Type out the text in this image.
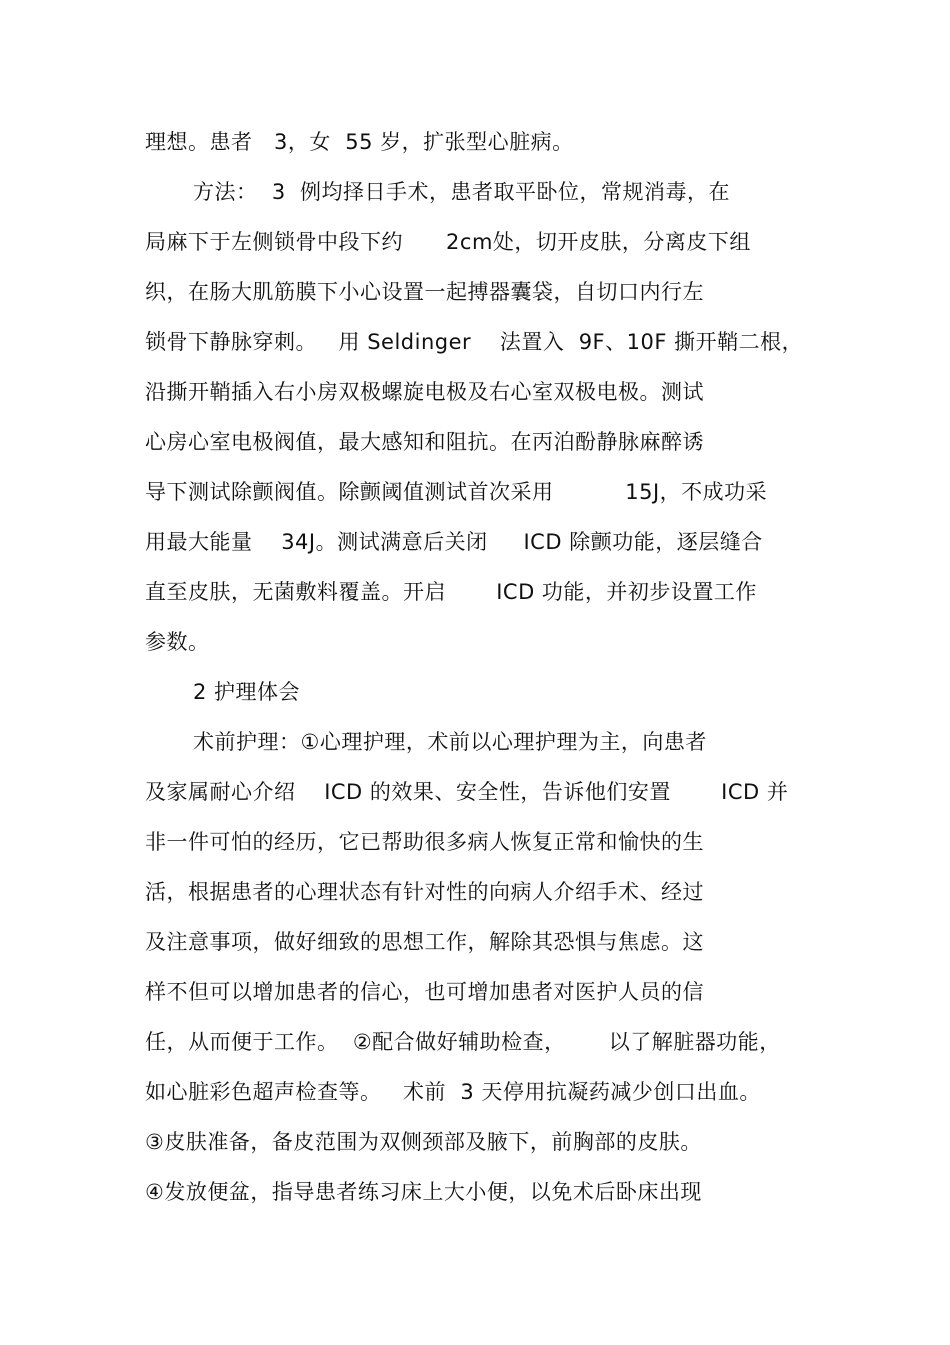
理想。患者   3，女  55 岁，扩张型心脏病。
方法：  3  例均择日手术，患者取平卧位，常规消毒，在
局麻下于左侧锁骨中段下约      2cm处，切开皮肤，分离皮下组
织，在肠大肌筋膜下小心设置一起搏器囊袋，自切口内行左
锁骨下静脉穿刺。   用 Seldinger    法置入  9F、10F 撕开鞘二根，
沿撕开鞘插入右小房双极螺旋电极及右心室双极电极。测试
心房心室电极阀值，最大感知和阻抗。在丙泊酚静脉麻醉诱
导下测试除颤阀值。除颤阈值测试首次采用          15J，不成功采
用最大能量    34J。测试满意后关闭     ICD 除颤功能，逐层缝合
直至皮肤，无菌敷料覆盖。开启       ICD 功能，并初步设置工作
参数。
2 护理体会
术前护理：①心理护理，术前以心理护理为主，向患者
及家属耐心介绍    ICD 的效果、安全性，告诉他们安置       ICD 并
非一件可怕的经历，它已帮助很多病人恢复正常和愉快的生
活，根据患者的心理状态有针对性的向病人介绍手术、经过
及注意事项，做好细致的思想工作，解除其恐惧与焦虑。这
样不但可以增加患者的信心，也可增加患者对医护人员的信
任，从而便于工作。  ②配合做好辅助检查，      以了解脏器功能，
如心脏彩色超声检查等。   术前  3 天停用抗凝药减少创口出血。
③皮肤准备，备皮范围为双侧颈部及腋下，前胸部的皮肤。
④发放便盆，指导患者练习床上大小便，以免术后卧床出现
